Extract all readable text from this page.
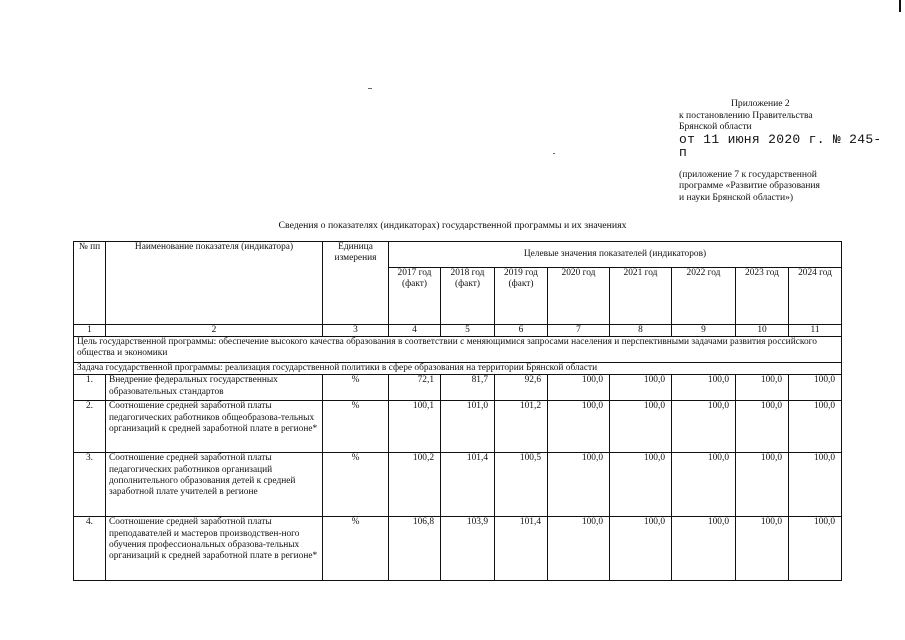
Приложение 2
к постановлению Правительства
Брянской области
от 11 июня 2020 г. № 245-п
(приложение 7 к государственной
программе «Развитие образования
и науки Брянской области»)
Сведения о показателях (индикаторах) государственной программы и их значениях
№ пп	Наименование показателя (индикатора)	Единица измерения	Целевые значения показателей (индикаторов)							
			2017 год (факт)	2018 год (факт)	2019 год (факт)	2020 год	2021 год	2022 год	2023 год	2024 год
1	2	3	4	5	6	7	8	9	10	11
Цель государственной программы: обеспечение высокого качества образования в соответствии с меняющимися запросами населения и перспективными задачами развития российского общества и экономики										
Задача государственной программы: реализация государственной политики в сфере образования на территории Брянской области										
1.	Внедрение федеральных государственных образовательных стандартов	%	72,1	81,7	92,6	100,0	100,0	100,0	100,0	100,0
2.	Соотношение средней заработной платы педагогических работников общеобразова-тельных организаций к средней заработной плате в регионе*	%	100,1	101,0	101,2	100,0	100,0	100,0	100,0	100,0
3.	Соотношение средней заработной платы педагогических работников организаций дополнительного образования детей к средней заработной плате учителей в регионе	%	100,2	101,4	100,5	100,0	100,0	100,0	100,0	100,0
4.	Соотношение средней заработной платы преподавателей и мастеров производствен-ного обучения профессиональных образова-тельных организаций к средней заработной плате в регионе*	%	106,8	103,9	101,4	100,0	100,0	100,0	100,0	100,0
